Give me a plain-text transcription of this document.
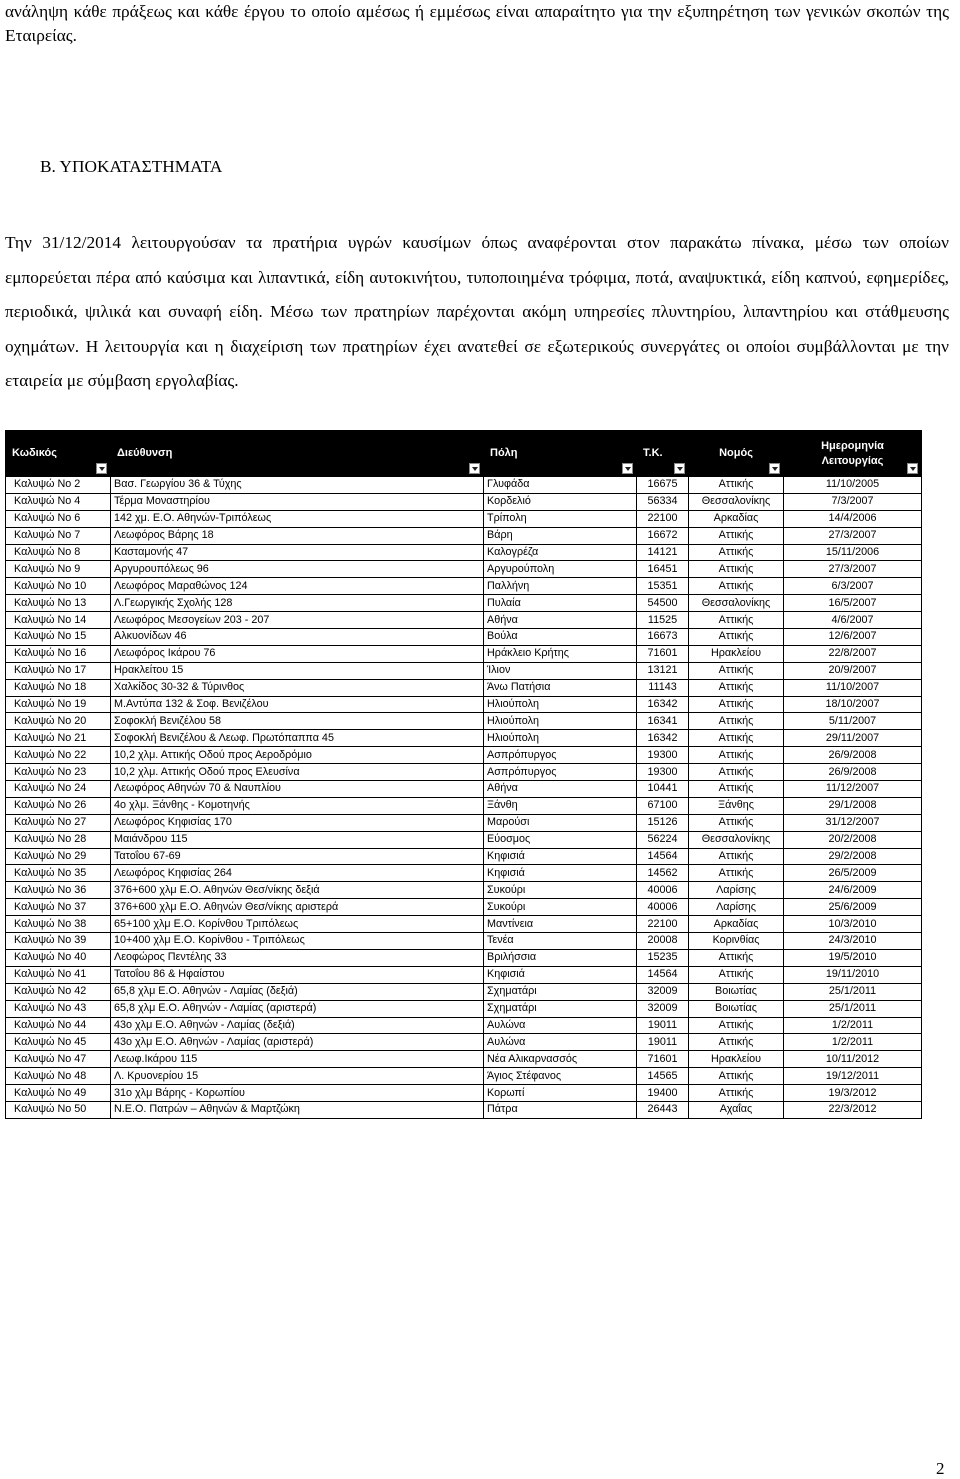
ανάληψη κάθε πράξεως και κάθε έργου το οποίο αμέσως ή εμμέσως είναι απαραίτητο για την εξυπηρέτηση των γενικών σκοπών της Εταιρείας.

Β. ΥΠΟΚΑΤΑΣΤΗΜΑΤΑ

Την 31/12/2014 λειτουργούσαν τα πρατήρια υγρών καυσίμων όπως αναφέρονται στον παρακάτω πίνακα, μέσω των οποίων εμπορεύεται πέρα από καύσιμα και λιπαντικά, είδη αυτοκινήτου, τυποποιημένα τρόφιμα, ποτά, αναψυκτικά, είδη καπνού, εφημερίδες, περιοδικά, ψιλικά και συναφή είδη. Μέσω των πρατηρίων παρέχονται ακόμη υπηρεσίες πλυντηρίου, λιπαντηρίου και στάθμευσης οχημάτων. Η λειτουργία και η διαχείριση των πρατηρίων έχει ανατεθεί σε εξωτερικούς συνεργάτες οι οποίοι συμβάλλονται με την εταιρεία με σύμβαση εργολαβίας.

Κωδικός	Διεύθυνση	Πόλη	Τ.Κ.	Νομός	Ημερομηνία Λειτουργίας

Καλυψώ Νο 2	Βασ. Γεωργίου 36 & Τύχης	Γλυφάδα	16675	Αττικής	11/10/2005
Καλυψώ Νο 4	Τέρμα Μοναστηρίου	Κορδελιό	56334	Θεσσαλονίκης	7/3/2007
Καλυψώ Νο 6	142 χμ. Ε.Ο. Αθηνών-Τριπόλεως	Τρίπολη	22100	Αρκαδίας	14/4/2006
Καλυψώ Νο 7	Λεωφόρος Βάρης 18	Βάρη	16672	Αττικής	27/3/2007
Καλυψώ Νο 8	Κασταμονής 47	Καλογρέζα	14121	Αττικής	15/11/2006
Καλυψώ Νο 9	Αργυρουπόλεως 96	Αργυρούπολη	16451	Αττικής	27/3/2007
Καλυψώ Νο 10	Λεωφόρος Μαραθώνος 124	Παλλήνη	15351	Αττικής	6/3/2007
Καλυψώ Νο 13	Λ.Γεωργικής Σχολής 128	Πυλαία	54500	Θεσσαλονίκης	16/5/2007
Καλυψώ Νο 14	Λεωφόρος Μεσογείων 203 - 207	Αθήνα	11525	Αττικής	4/6/2007
Καλυψώ Νο 15	Αλκυονίδων 46	Βούλα	16673	Αττικής	12/6/2007
Καλυψώ Νο 16	Λεωφόρος Ικάρου 76	Ηράκλειο Κρήτης	71601	Ηρακλείου	22/8/2007
Καλυψώ Νο 17	Ηρακλείτου 15	Ίλιον	13121	Αττικής	20/9/2007
Καλυψώ Νο 18	Χαλκίδος 30-32 & Τύρινθος	Άνω Πατήσια	11143	Αττικής	11/10/2007
Καλυψώ Νο 19	Μ.Αντύπα 132 & Σοφ. Βενιζέλου	Ηλιούπολη	16342	Αττικής	18/10/2007
Καλυψώ Νο 20	Σοφοκλή Βενιζέλου 58	Ηλιούπολη	16341	Αττικής	5/11/2007
Καλυψώ Νο 21	Σοφοκλή Βενιζέλου & Λεωφ. Πρωτόπαππα 45	Ηλιούπολη	16342	Αττικής	29/11/2007
Καλυψώ Νο 22	10,2 χλμ. Αττικής Οδού προς Αεροδρόμιο	Ασπρόπυργος	19300	Αττικής	26/9/2008
Καλυψώ Νο 23	10,2 χλμ. Αττικής Οδού προς Ελευσίνα	Ασπρόπυργος	19300	Αττικής	26/9/2008
Καλυψώ Νο 24	Λεωφόρος Αθηνών 70 & Ναυπλίου	Αθήνα	10441	Αττικής	11/12/2007
Καλυψώ Νο 26	4ο χλμ. Ξάνθης - Κομοτηνής	Ξάνθη	67100	Ξάνθης	29/1/2008
Καλυψώ Νο 27	Λεωφόρος Κηφισίας 170	Μαρούσι	15126	Αττικής	31/12/2007
Καλυψώ Νο 28	Μαιάνδρου 115	Εύοσμος	56224	Θεσσαλονίκης	20/2/2008
Καλυψώ Νο 29	Τατοΐου 67-69	Κηφισιά	14564	Αττικής	29/2/2008
Καλυψώ Νο 35	Λεωφόρος Κηφισίας 264	Κηφισιά	14562	Αττικής	26/5/2009
Καλυψώ Νο 36	376+600 χλμ Ε.Ο. Αθηνών Θεσ/νίκης δεξιά	Συκούρι	40006	Λαρίσης	24/6/2009
Καλυψώ Νο 37	376+600 χλμ Ε.Ο. Αθηνών Θεσ/νίκης αριστερά	Συκούρι	40006	Λαρίσης	25/6/2009
Καλυψώ Νο 38	65+100 χλμ Ε.Ο. Κορίνθου Τριπόλεως	Μαντίνεια	22100	Αρκαδίας	10/3/2010
Καλυψώ Νο 39	10+400 χλμ Ε.Ο. Κορίνθου - Τριπόλεως	Τενέα	20008	Κορινθίας	24/3/2010
Καλυψώ Νο 40	Λεοφώρος Πεντέλης 33	Βριλήσσια	15235	Αττικής	19/5/2010
Καλυψώ Νο 41	Τατοΐου 86 & Ηφαίστου	Κηφισιά	14564	Αττικής	19/11/2010
Καλυψώ Νο 42	65,8 χλμ Ε.Ο. Αθηνών - Λαμίας (δεξιά)	Σχηματάρι	32009	Βοιωτίας	25/1/2011
Καλυψώ Νο 43	65,8 χλμ Ε.Ο. Αθηνών - Λαμίας (αριστερά)	Σχηματάρι	32009	Βοιωτίας	25/1/2011
Καλυψώ Νο 44	43ο χλμ Ε.Ο. Αθηνών - Λαμίας (δεξιά)	Αυλώνα	19011	Αττικής	1/2/2011
Καλυψώ Νο 45	43ο χλμ Ε.Ο. Αθηνών - Λαμίας (αριστερά)	Αυλώνα	19011	Αττικής	1/2/2011
Καλυψώ Νο 47	Λεωφ.Ικάρου 115	Νέα Αλικαρνασσός	71601	Ηρακλείου	10/11/2012
Καλυψώ Νο 48	Λ. Κρυονερίου 15	Άγιος Στέφανος	14565	Αττικής	19/12/2011
Καλυψώ Νο 49	31ο χλμ Βάρης - Κορωπίου	Κορωπί	19400	Αττικής	19/3/2012
Καλυψώ Νο 50	Ν.Ε.Ο. Πατρών – Αθηνών & Μαρτζώκη	Πάτρα	26443	Αχαΐας	22/3/2012
2
